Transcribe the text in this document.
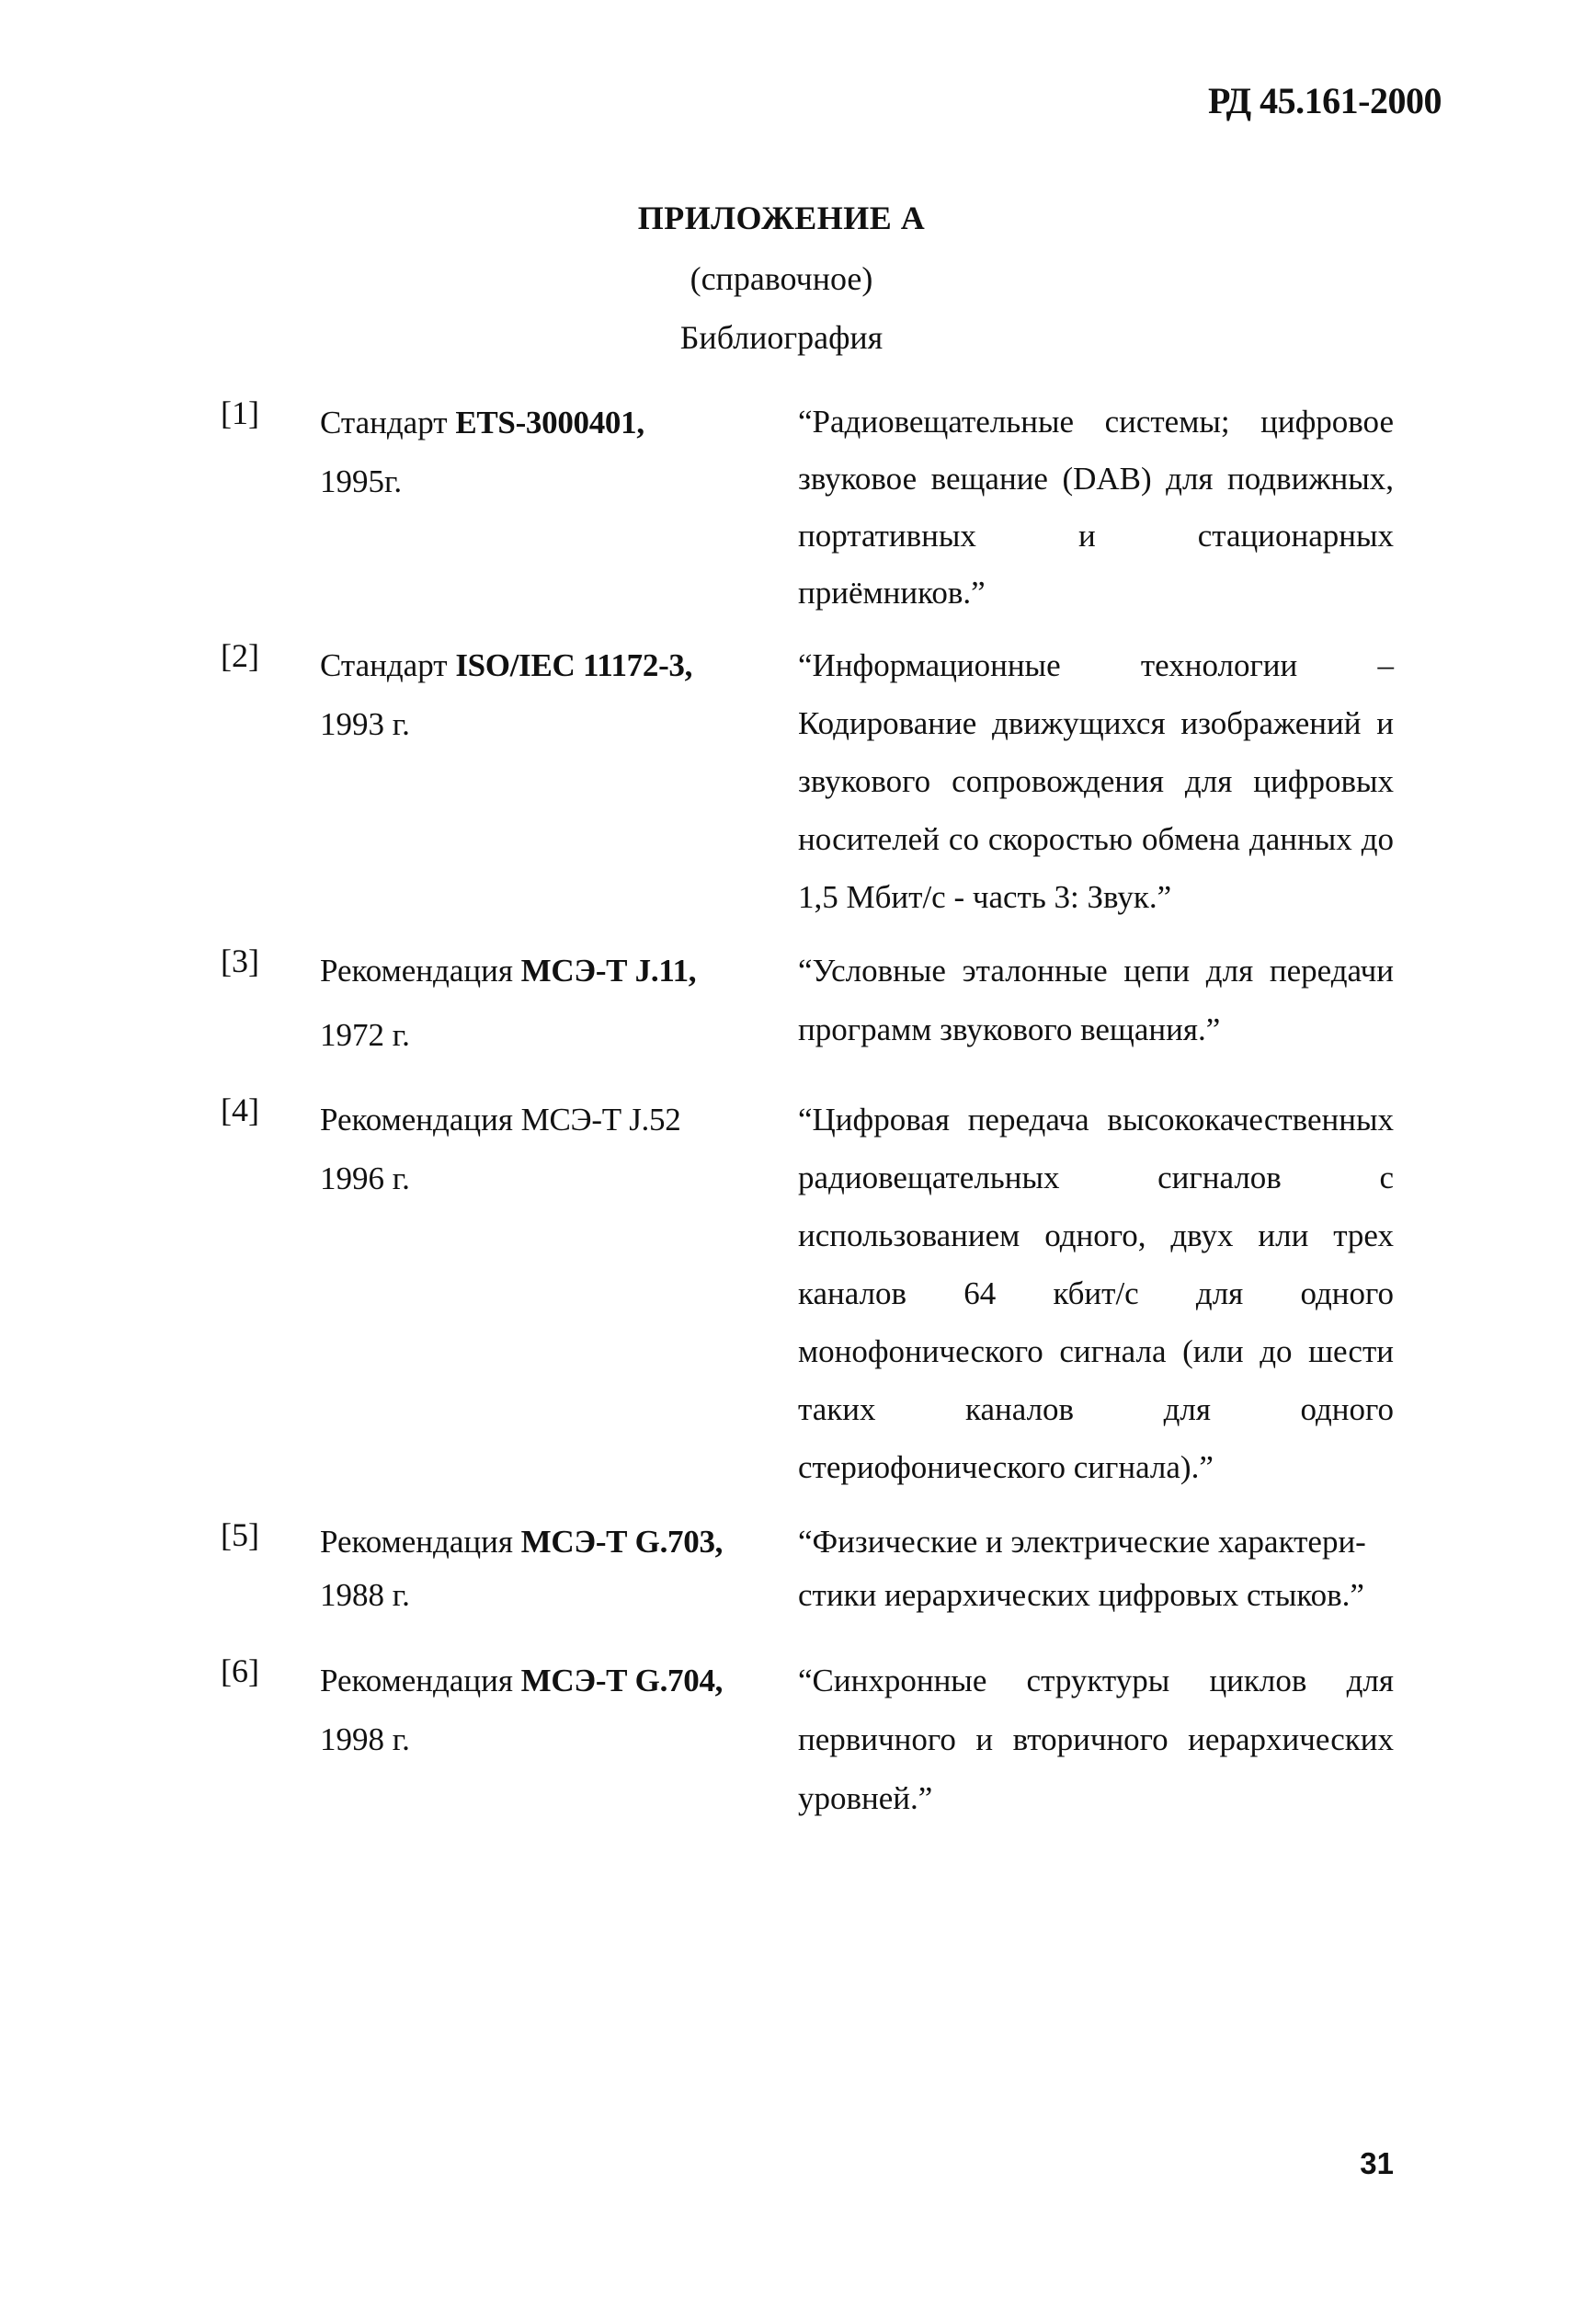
РД 45.161-2000
ПРИЛОЖЕНИЕ А
(справочное)
Библиография
[1] Стандарт ETS-3000401,
1995г.
“Радиовещательные системы; цифровое
звуковое вещание (DAB) для подвижных,
портативных и стационарных
приёмников.”
[2] Стандарт ISO/IEC 11172-3,
1993 г.
“Информационные технологии –
Кодирование движущихся изображений и
звукового сопровождения для цифровых
носителей со скоростью обмена данных до
1,5 Мбит/с - часть 3: Звук.”
[3] Рекомендация МСЭ-Т J.11,
1972 г.
“Условные эталонные цепи для передачи
программ звукового вещания.”
[4] Рекомендация МСЭ-Т J.52
1996 г.
“Цифровая передача высококачественных
радиовещательных сигналов с
использованием одного, двух или трех
каналов 64 кбит/с для одного
монофонического сигнала (или до шести
таких каналов для одного
стериофонического сигнала).”
[5] Рекомендация МСЭ-Т G.703,
1988 г.
“Физические и электрические характери-
стики иерархических цифровых стыков.”
[6] Рекомендация МСЭ-Т G.704,
1998 г.
“Синхронные структуры циклов для
первичного и вторичного иерархических
уровней.”
31
